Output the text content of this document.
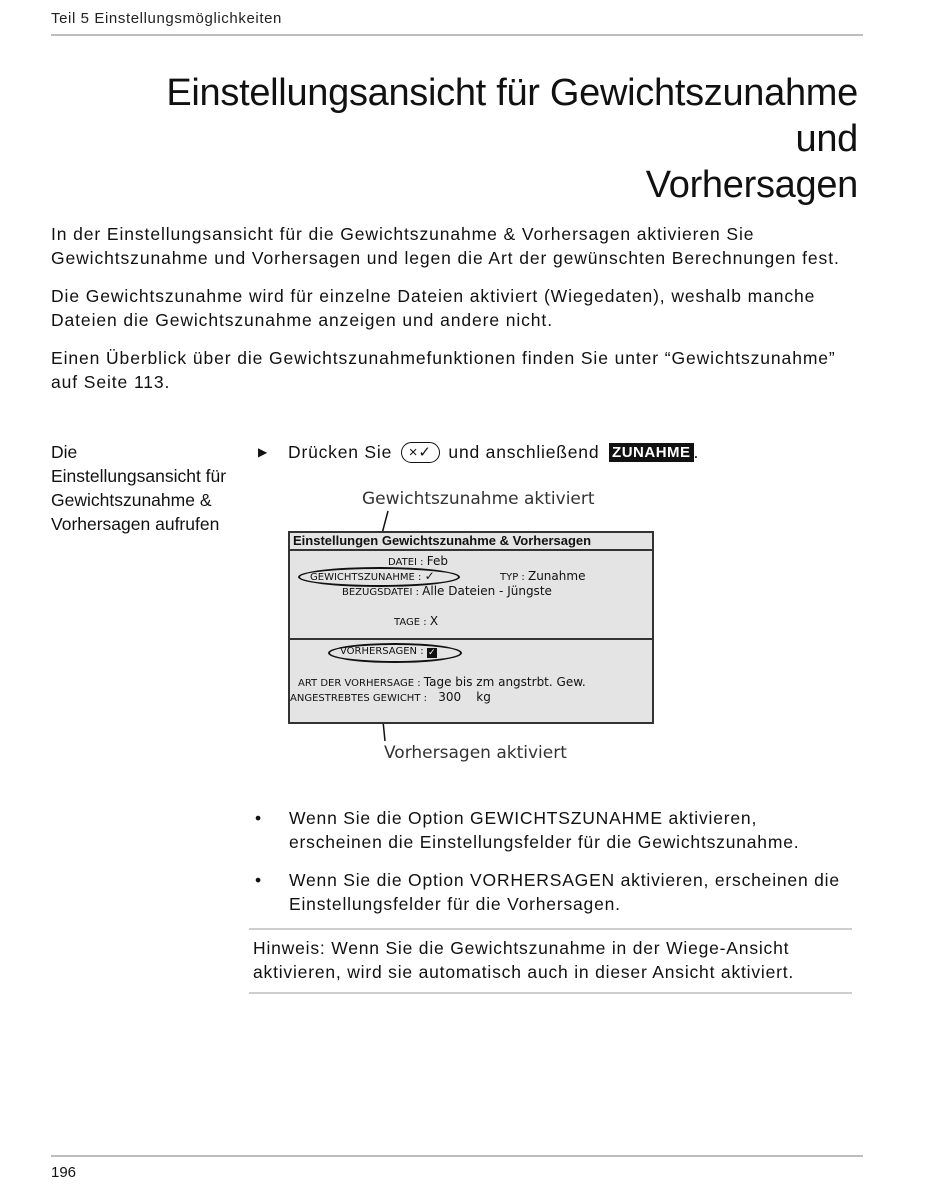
Teil 5 Einstellungsmöglichkeiten
Einstellungsansicht für Gewichtszunahme und
Vorhersagen

In der Einstellungsansicht für die Gewichtszunahme & Vorhersagen aktivieren Sie Gewichtszunahme und Vorhersagen und legen die Art der gewünschten Berechnungen fest.

Die Gewichtszunahme wird für einzelne Dateien aktiviert (Wiegedaten), weshalb manche Dateien die Gewichtszunahme anzeigen und andere nicht.

Einen Überblick über die Gewichtszunahmefunktionen finden Sie unter “Gewichtszunahme” auf Seite 113.

Die Einstellungsansicht für Gewichtszunahme & Vorhersagen aufrufen
▶ Drücken Sie ×✓ und anschließend ZUNAHME .
Gewichtszunahme aktiviert
Einstellungen Gewichtszunahme & Vorhersagen
DATEI : Feb
GEWICHTSZUNAHME : ✓	TYP : Zunahme
BEZUGSDATEI : Alle Dateien - Jüngste
TAGE : X
VORHERSAGEN : ✓
ART DER VORHERSAGE : Tage bis zm angstrbt. Gew.
ANGESTREBTES GEWICHT : 300 kg
Vorhersagen aktiviert
• Wenn Sie die Option GEWICHTSZUNAHME aktivieren, erscheinen die Einstellungsfelder für die Gewichtszunahme.
• Wenn Sie die Option VORHERSAGEN aktivieren, erscheinen die Einstellungsfelder für die Vorhersagen.
Hinweis: Wenn Sie die Gewichtszunahme in der Wiege-Ansicht aktivieren, wird sie automatisch auch in dieser Ansicht aktiviert.
196
